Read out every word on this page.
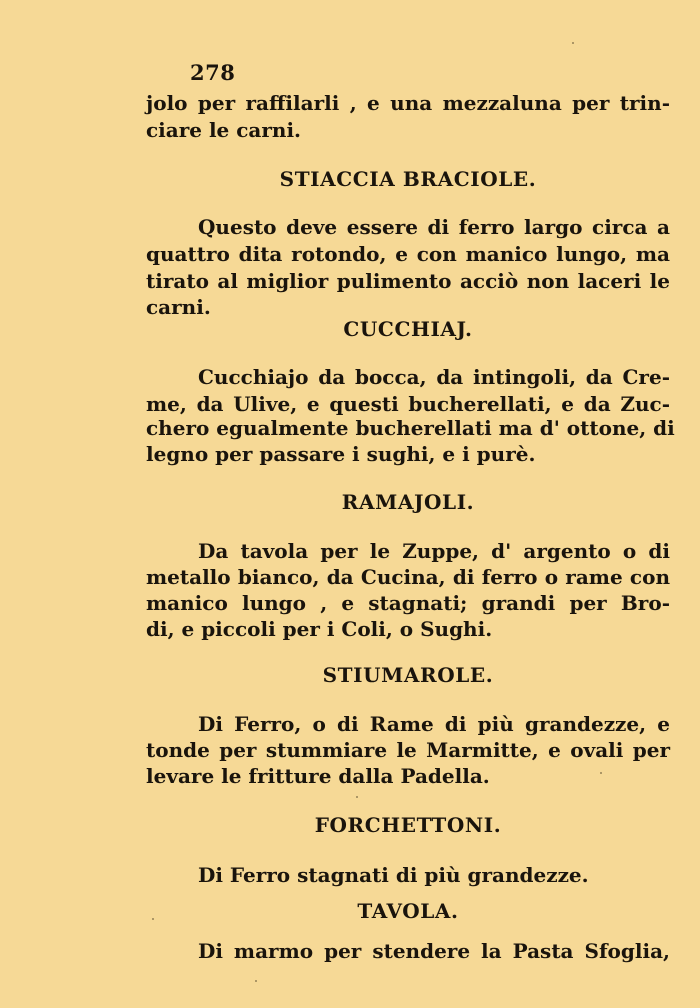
278
jolo per raffilarli , e una mezzaluna per trin-
ciare le carni.
STIACCIA BRACIOLE.
Questo deve essere di ferro largo circa a
quattro dita rotondo, e con manico lungo, ma
tirato al miglior pulimento acciò non laceri le
carni.
CUCCHIAJ.
Cucchiajo da bocca, da intingoli, da Cre-
me, da Ulive, e questi bucherellati, e da Zuc-
chero egualmente bucherellati ma d' ottone, di
legno per passare i sughi, e i purè.
RAMAJOLI.
Da tavola per le Zuppe, d' argento o di
metallo bianco, da Cucina, di ferro o rame con
manico lungo , e stagnati; grandi per Bro-
di, e piccoli per i Coli, o Sughi.
STIUMAROLE.
Di Ferro, o di Rame di più grandezze, e
tonde per stummiare le Marmitte, e ovali per
levare le fritture dalla Padella.
FORCHETTONI.
Di Ferro stagnati di più grandezze.
TAVOLA.
Di marmo per stendere la Pasta Sfoglia,
